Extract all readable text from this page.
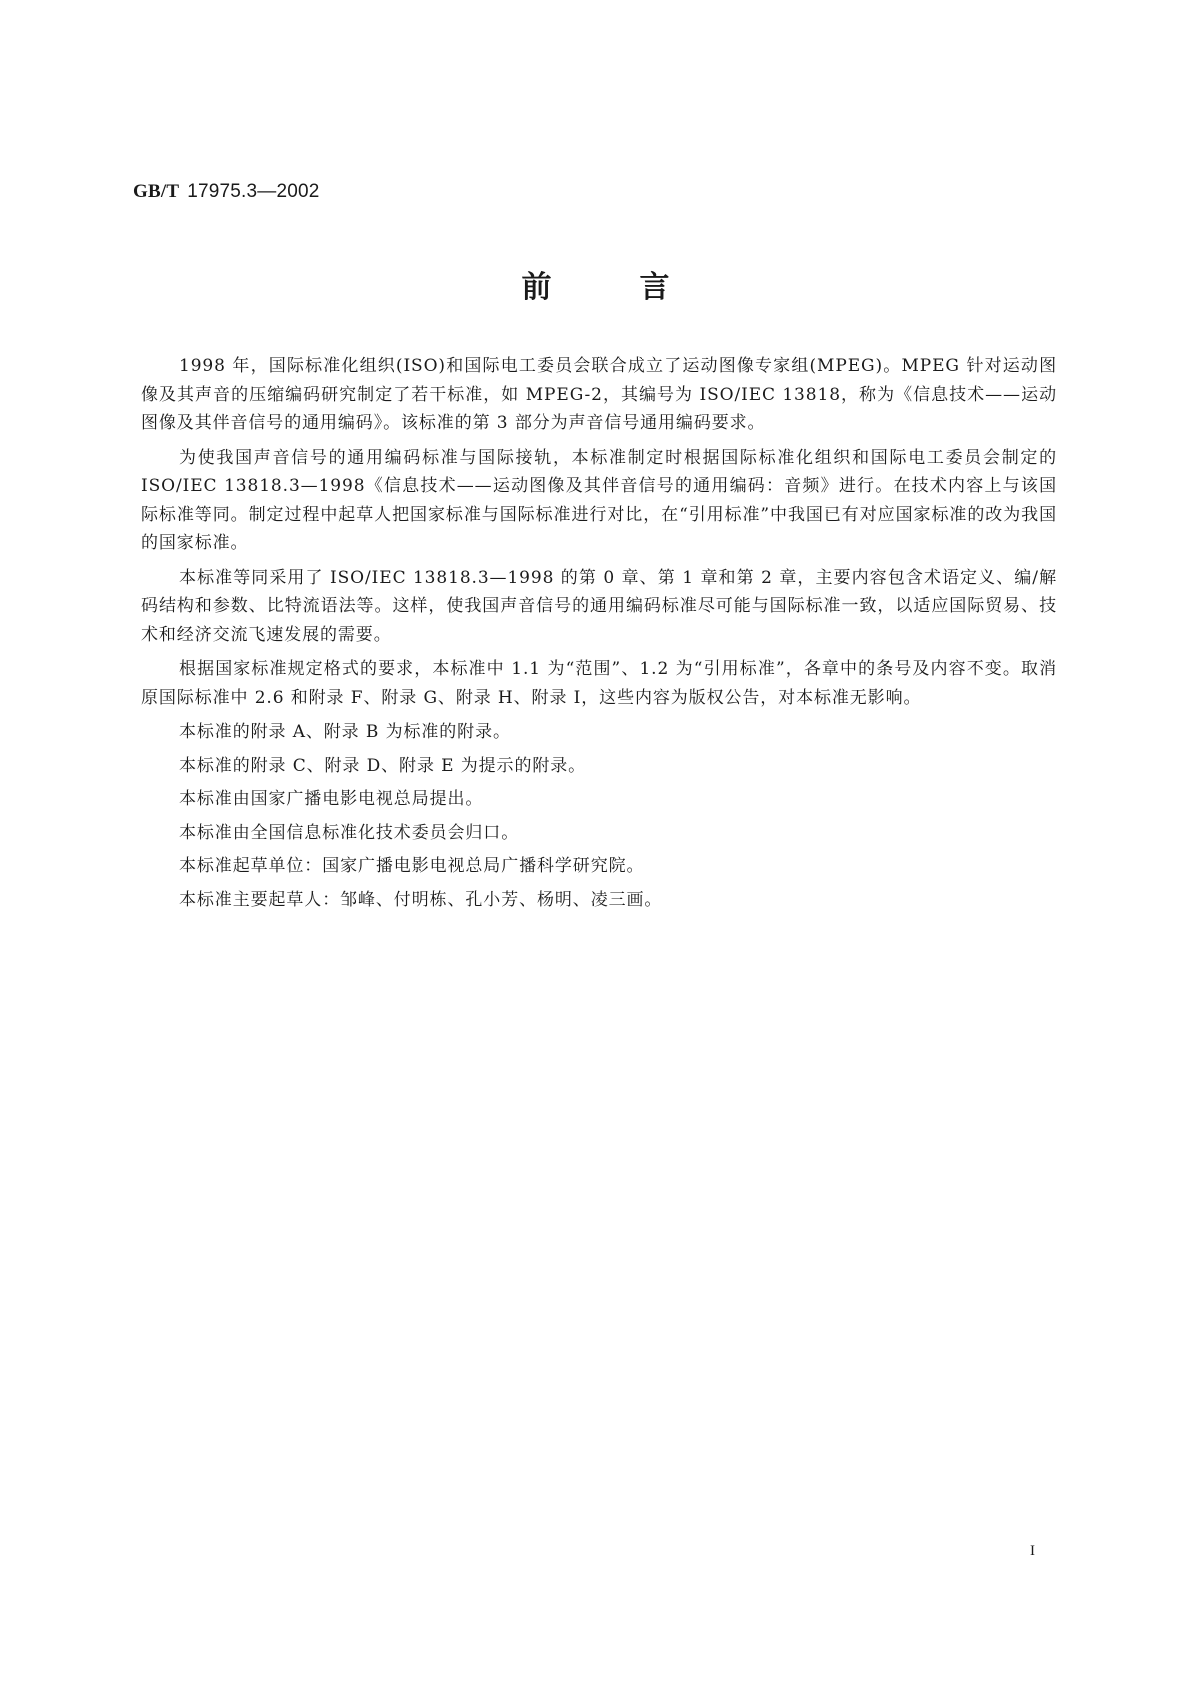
GB/T 17975.3—2002
前	言

1998 年，国际标准化组织(ISO)和国际电工委员会联合成立了运动图像专家组(MPEG)。MPEG 针对运动图像及其声音的压缩编码研究制定了若干标准，如 MPEG-2，其编号为 ISO/IEC 13818，称为《信息技术——运动图像及其伴音信号的通用编码》。该标准的第 3 部分为声音信号通用编码要求。

为使我国声音信号的通用编码标准与国际接轨，本标准制定时根据国际标准化组织和国际电工委员会制定的 ISO/IEC 13818.3—1998《信息技术——运动图像及其伴音信号的通用编码：音频》进行。在技术内容上与该国际标准等同。制定过程中起草人把国家标准与国际标准进行对比，在“引用标准”中我国已有对应国家标准的改为我国的国家标准。

本标准等同采用了 ISO/IEC 13818.3—1998 的第 0 章、第 1 章和第 2 章，主要内容包含术语定义、编/解码结构和参数、比特流语法等。这样，使我国声音信号的通用编码标准尽可能与国际标准一致，以适应国际贸易、技术和经济交流飞速发展的需要。

根据国家标准规定格式的要求，本标准中 1.1 为“范围”、1.2 为“引用标准”，各章中的条号及内容不变。取消原国际标准中 2.6 和附录 F、附录 G、附录 H、附录 I，这些内容为版权公告，对本标准无影响。

本标准的附录 A、附录 B 为标准的附录。

本标准的附录 C、附录 D、附录 E 为提示的附录。

本标准由国家广播电影电视总局提出。

本标准由全国信息标准化技术委员会归口。

本标准起草单位：国家广播电影电视总局广播科学研究院。

本标准主要起草人：邹峰、付明栋、孔小芳、杨明、凌三画。

I
